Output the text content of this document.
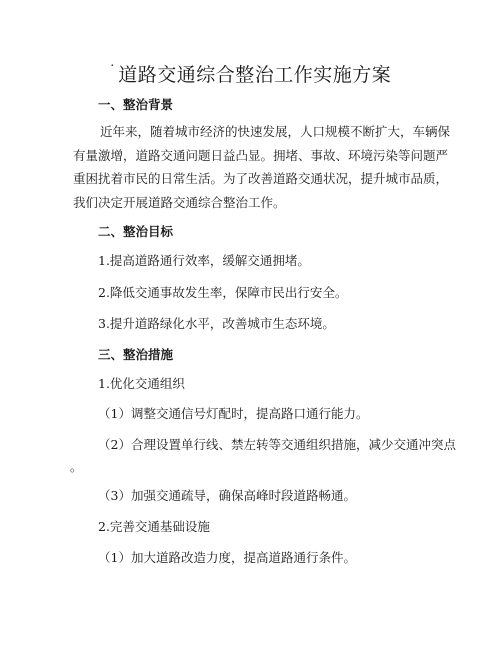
˙ 道路交通综合整治工作实施方案
一、整治背景
近年来，随着城市经济的快速发展，人口规模不断扩大，车辆保
有量激增，道路交通问题日益凸显。拥堵、事故、环境污染等问题严
重困扰着市民的日常生活。为了改善道路交通状况，提升城市品质，
我们决定开展道路交通综合整治工作。
二、整治目标

1.提高道路通行效率，缓解交通拥堵。

2.降低交通事故发生率，保障市民出行安全。

3.提升道路绿化水平，改善城市生态环境。

三、整治措施

1.优化交通组织

（1）调整交通信号灯配时，提高路口通行能力。

（2）合理设置单行线、禁左转等交通组织措施，减少交通冲突点

。

（3）加强交通疏导，确保高峰时段道路畅通。

2.完善交通基础设施

（1）加大道路改造力度，提高道路通行条件。
